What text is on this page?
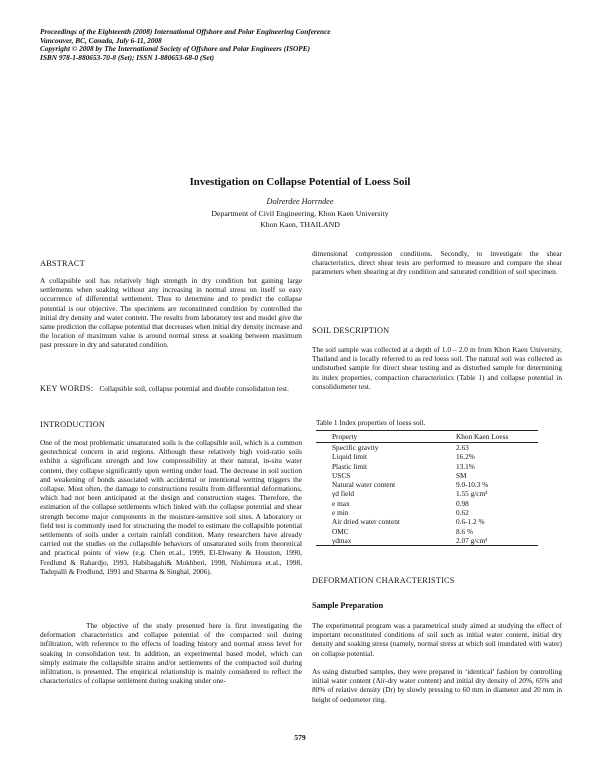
Proceedings of the Eighteenth (2008) International Offshore and Polar Engineering Conference
Vancouver, BC, Canada, July 6-11, 2008
Copyright © 2008 by The International Society of Offshore and Polar Engineers (ISOPE)
ISBN 978-1-880653-70-8 (Set); ISSN 1-880653-68-0 (Set)
Investigation on Collapse Potential of Loess Soil
Dolrerdee Horrndee
Department of Civil Engineering, Khon Kaen University
Khon Kaen, THAILAND
ABSTRACT

A collapsible soil has relatively high strength in dry condition but gaining large settlements when soaking without any increasing in normal stress on itself so easy occurrence of differential settlement. Thus to determine and to predict the collapse potential is our objective. The specimens are reconstituted condition by controlled the initial dry density and water content. The results from laboratory test and model give the same prediction the collapse potential that decreases when initial dry density increase and the location of maximum value is around normal stress at soaking between maximum past pressure in dry and saturated condition.

KEY WORDS: Collapsible soil, collapse potential and double consolidation test.
INTRODUCTION

One of the most problematic unsaturated soils is the collapsible soil, which is a common geotechnical concern in arid regions. Although these relatively high void-ratio soils exhibit a significant strength and low compressibility at their natural, in-situ water content, they collapse significantly upon wetting under load. The decrease in soil suction and weakening of bonds associated with accidental or intentional wetting triggers the collapse. Most often, the damage to constructions results from differential deformations, which had not been anticipated at the design and construction stages. Therefore, the estimation of the collapse settlements which linked with the collapse potential and shear strength become major components in the moisture-sensitive soil sites. A laboratory or field test is commonly used for structuring the model to estimate the collapsible potential settlements of soils under a certain rainfall condition. Many researchers have already carried out the studies on the collapsible behaviors of unsaturated soils from theoretical and practical points of view (e.g. Chen et.al., 1999, El-Ehwany & Houston, 1990, Fredlund & Rahardjo, 1993, Habibagahi& Mokhberi, 1998, Nishimura et.al., 1998, Tadepalli & Fredlund, 1991 and Sharma & Singhal, 2006).

The objective of the study presented here is first investigating the deformation characteristics and collapse potential of the compacted soil during infiltration, with reference to the effects of loading history and normal stress level for soaking in consolidation test. In addition, an experimental based model, which can simply estimate the collapsible strains and/or settlements of the compacted soil during infiltration, is presented. The empirical relationship is mainly considered to reflect the characteristics of collapse settlement during soaking under one-

dimensional compression conditions. Secondly, to investigate the shear characteristics, direct shear tests are performed to measure and compare the shear parameters when shearing at dry condition and saturated condition of soil specimen.

SOIL DESCRIPTION

The soil sample was collected at a depth of 1.0 – 2.0 m from Khon Kaen University, Thailand and is locally referred to as red loess soil. The natural soil was collected as undisturbed sample for direct shear testing and as disturbed sample for determining its index properties, compaction characteristics (Table 1) and collapse potential in consolidometer test.

Table 1 Index properties of loess soil.
Property	Khon Kaen Loess
Specific gravity	2.63
Liquid limit	16.2%
Plastic limit	13.1%
USCS	SM
Natural water content	9.0-10.3 %
γd field	1.55 g/cm³
e max	0.98
e min	0.62
Air dried water content	0.6-1.2 %
OMC	8.6 %
γdmax	2.07 g/cm³
DEFORMATION CHARACTERISTICS
Sample Preparation

The experimental program was a parametrical study aimed at studying the effect of important reconstituted conditions of soil such as initial water content, initial dry density and soaking stress (namely, normal stress at which soil inundated with water) on collapse potential.

As using disturbed samples, they were prepared in ‘identical’ fashion by controlling initial water content (Air-dry water content) and initial dry density of 20%, 65% and 80% of relative density (Dr) by slowly pressing to 60 mm in diameter and 20 mm in height of oedometer ring.

579
